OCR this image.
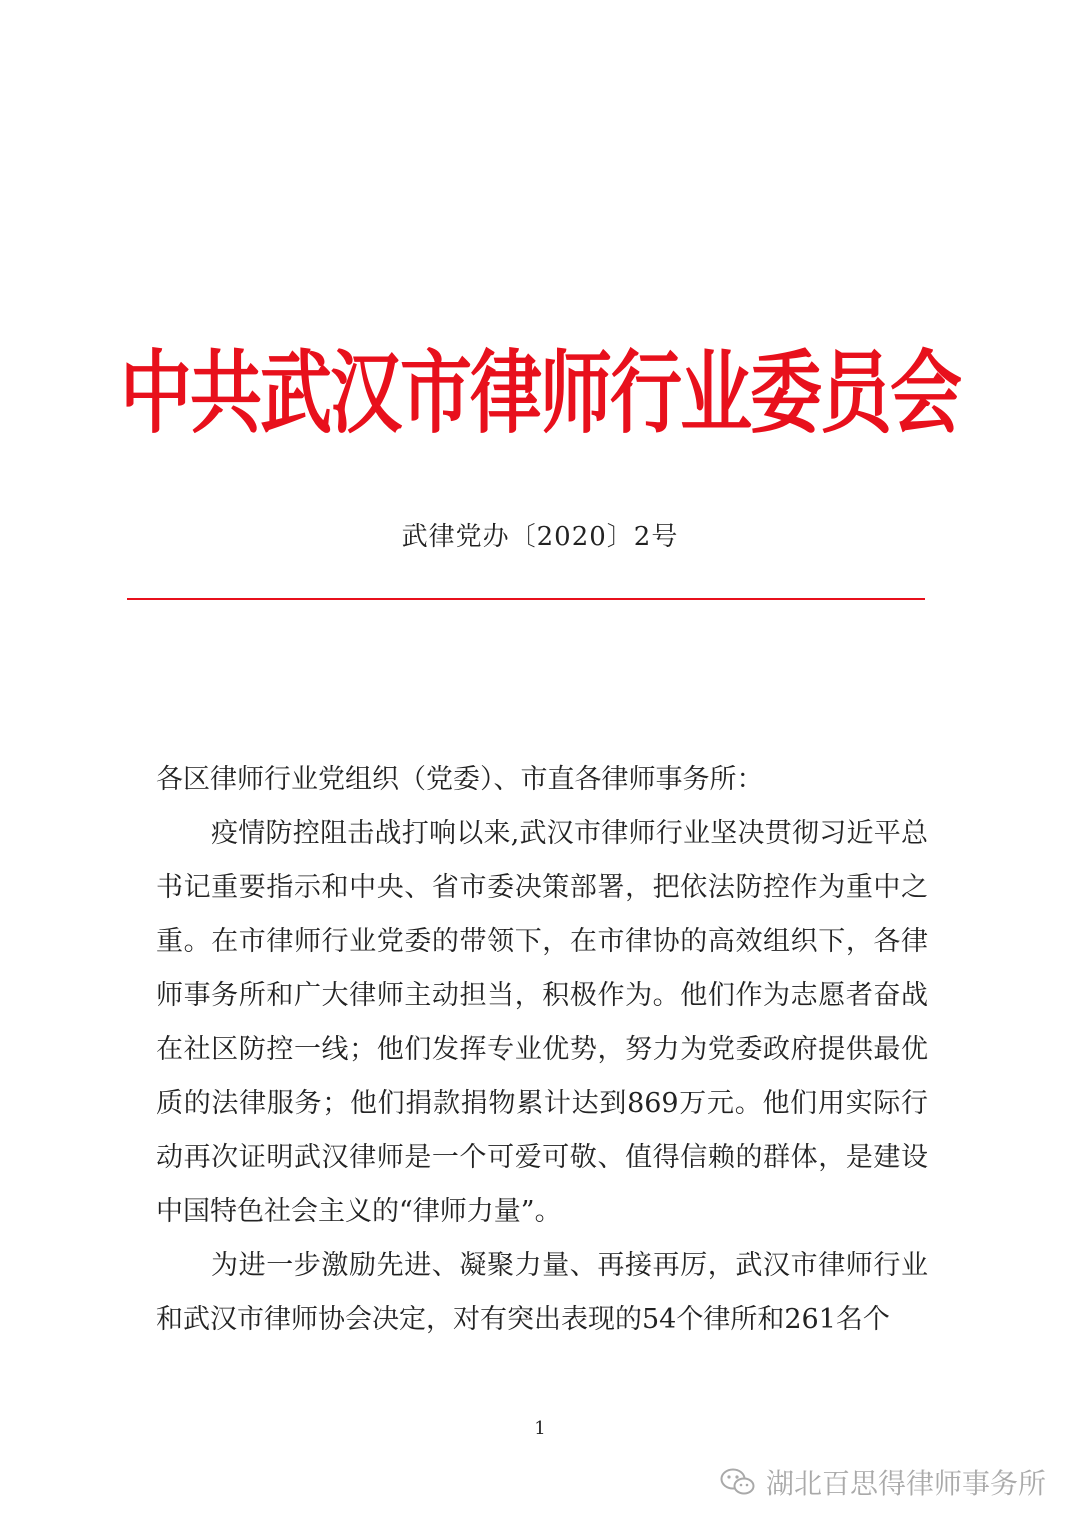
中共武汉市律师行业委员会
武律党办〔2020〕2号

各区律师行业党组织（党委）、市直各律师事务所：

疫情防控阻击战打响以来,武汉市律师行业坚决贯彻习近平总书记重要指示和中央、省市委决策部署，把依法防控作为重中之重。在市律师行业党委的带领下，在市律协的高效组织下，各律师事务所和广大律师主动担当，积极作为。他们作为志愿者奋战在社区防控一线；他们发挥专业优势，努力为党委政府提供最优质的法律服务；他们捐款捐物累计达到869万元。他们用实际行动再次证明武汉律师是一个可爱可敬、值得信赖的群体，是建设中国特色社会主义的“律师力量”。

为进一步激励先进、凝聚力量、再接再厉，武汉市律师行业和武汉市律师协会决定，对有突出表现的54个律所和261名个

1
湖北百思得律师事务所
